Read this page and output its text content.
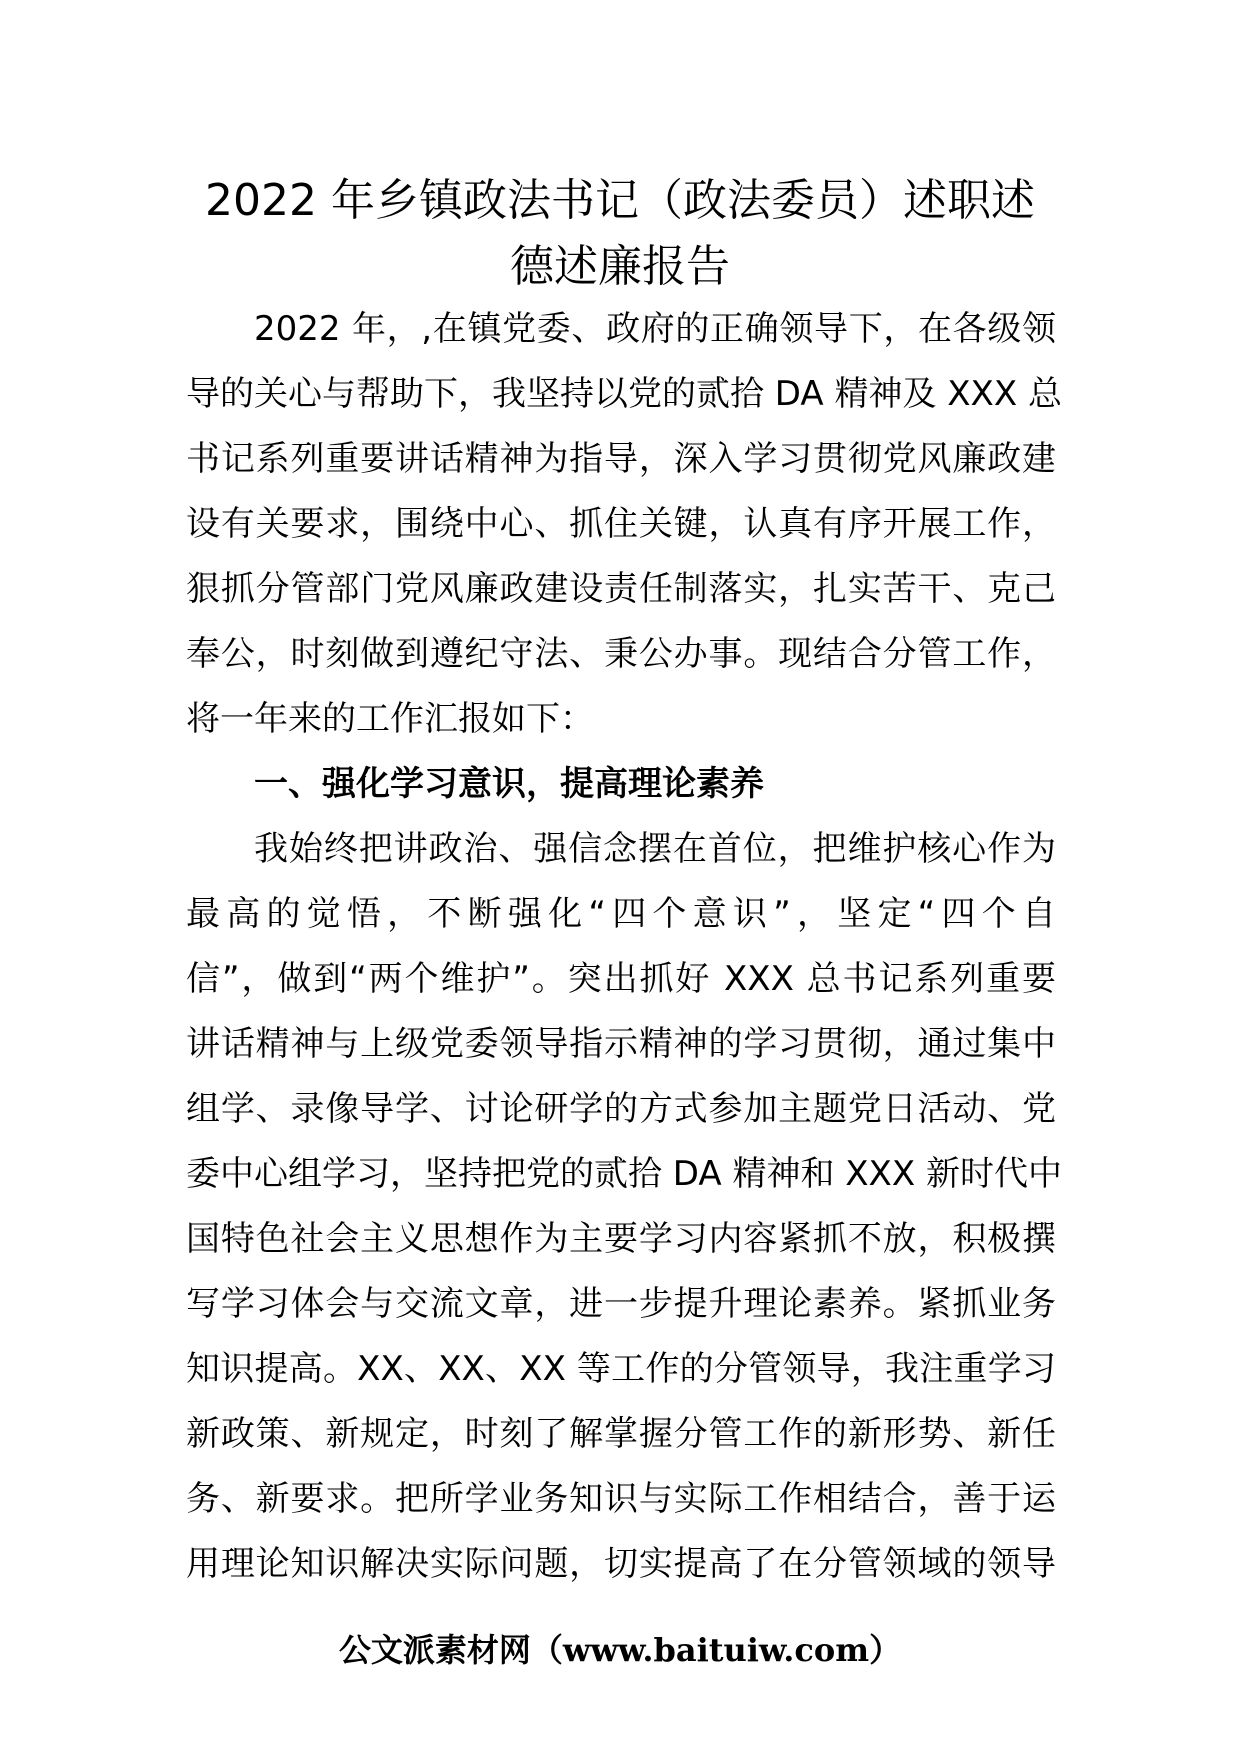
2022 年乡镇政法书记（政法委员）述职述
德述廉报告
2022 年，,在镇党委、政府的正确领导下，在各级领
导的关心与帮助下，我坚持以党的贰拾 DA 精神及 XXX 总
书记系列重要讲话精神为指导，深入学习贯彻党风廉政建
设有关要求，围绕中心、抓住关键，认真有序开展工作，
狠抓分管部门党风廉政建设责任制落实，扎实苦干、克己
奉公，时刻做到遵纪守法、秉公办事。现结合分管工作，
将一年来的工作汇报如下：
一、强化学习意识，提高理论素养
我始终把讲政治、强信念摆在首位，把维护核心作为
最高的觉悟，不断强化“四个意识”，坚定“四个自
信”，做到“两个维护”。突出抓好 XXX 总书记系列重要
讲话精神与上级党委领导指示精神的学习贯彻，通过集中
组学、录像导学、讨论研学的方式参加主题党日活动、党
委中心组学习，坚持把党的贰拾 DA 精神和 XXX 新时代中
国特色社会主义思想作为主要学习内容紧抓不放，积极撰
写学习体会与交流文章，进一步提升理论素养。紧抓业务
知识提高。XX、XX、XX 等工作的分管领导，我注重学习
新政策、新规定，时刻了解掌握分管工作的新形势、新任
务、新要求。把所学业务知识与实际工作相结合，善于运
用理论知识解决实际问题，切实提高了在分管领域的领导
公文派素材网（www.baituiw.com）
